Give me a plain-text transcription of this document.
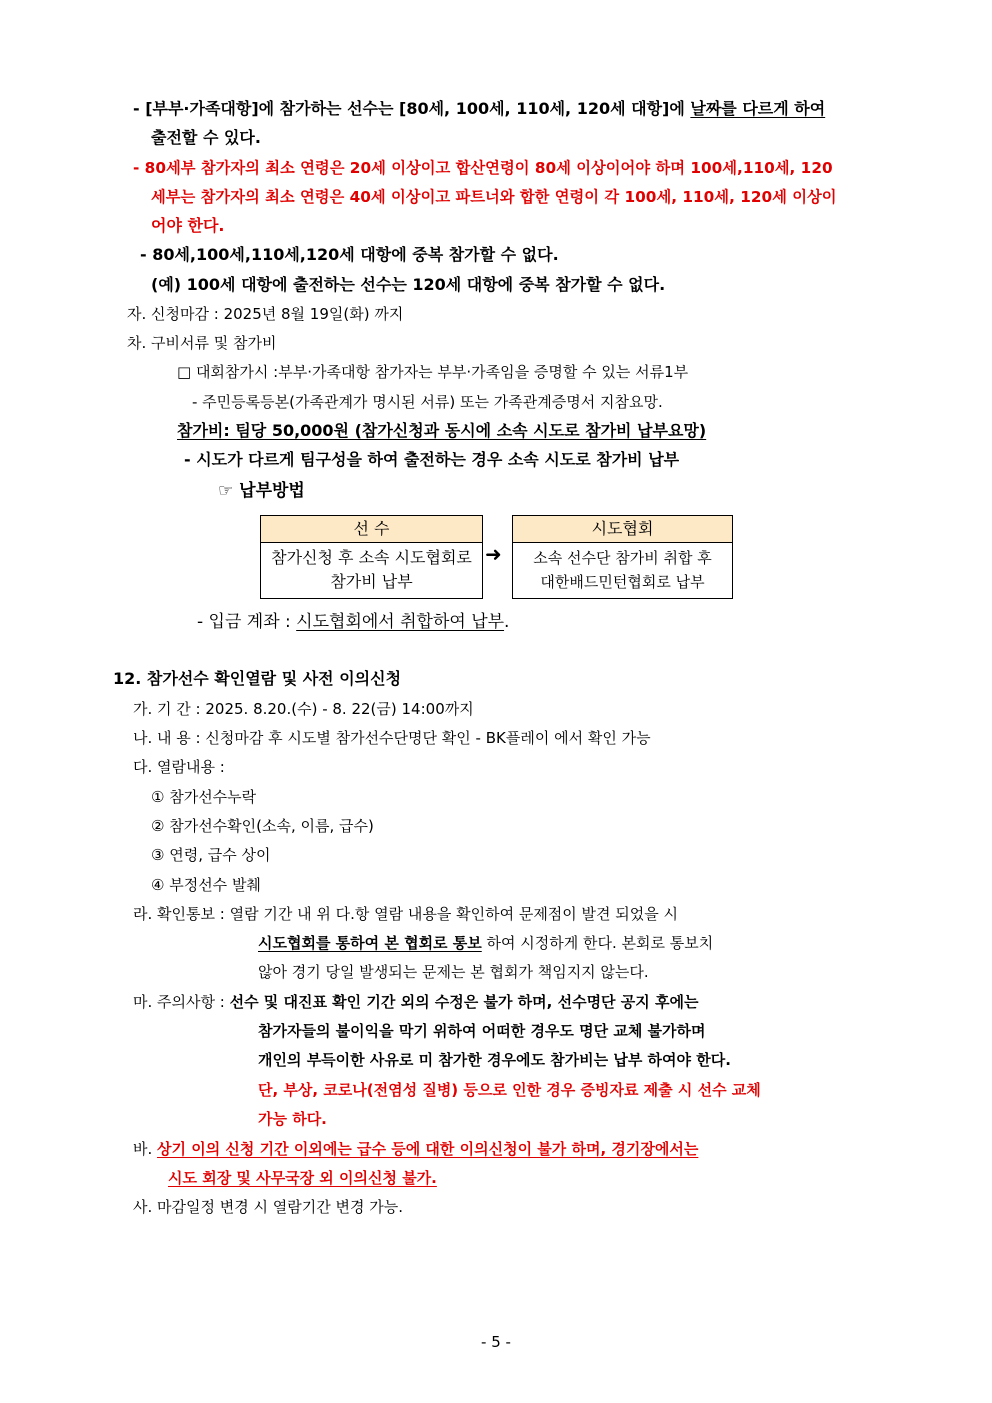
- [부부·가족대항]에 참가하는 선수는 [80세, 100세, 110세, 120세 대항]에 날짜를 다르게 하여
출전할 수 있다.
- 80세부 참가자의 최소 연령은 20세 이상이고 합산연령이 80세 이상이어야 하며 100세,110세, 120
세부는 참가자의 최소 연령은 40세 이상이고 파트너와 합한 연령이 각 100세, 110세, 120세 이상이
어야 한다.
- 80세,100세,110세,120세 대항에 중복 참가할 수 없다.
(예) 100세 대항에 출전하는 선수는 120세 대항에 중복 참가할 수 없다.
자. 신청마감 : 2025년 8월 19일(화) 까지
차. 구비서류 및 참가비
□ 대회참가시 :부부·가족대항 참가자는 부부·가족임을 증명할 수 있는 서류1부
- 주민등록등본(가족관계가 명시된 서류) 또는 가족관계증명서 지참요망.
참가비: 팀당 50,000원 (참가신청과 동시에 소속 시도로 참가비 납부요망)
- 시도가 다르게 팀구성을 하여 출전하는 경우 소속 시도로 참가비 납부
☞ 납부방법
선 수
참가신청 후 소속 시도협회로
참가비 납부
➜
시도협회
소속 선수단 참가비 취합 후
대한배드민턴협회로 납부
- 입금 계좌 : 시도협회에서 취합하여 납부.
12. 참가선수 확인열람 및 사전 이의신청
가. 기 간 : 2025. 8.20.(수) - 8. 22(금) 14:00까지
나. 내 용 : 신청마감 후 시도별 참가선수단명단 확인 - BK플레이 에서 확인 가능
다. 열람내용 :
① 참가선수누락
② 참가선수확인(소속, 이름, 급수)
③ 연령, 급수 상이
④ 부정선수 발췌
라. 확인통보 : 열람 기간 내 위 다.항 열람 내용을 확인하여 문제점이 발견 되었을 시
시도협회를 통하여 본 협회로 통보 하여 시정하게 한다. 본회로 통보치
않아 경기 당일 발생되는 문제는 본 협회가 책임지지 않는다.
마. 주의사항 : 선수 및 대진표 확인 기간 외의 수정은 불가 하며, 선수명단 공지 후에는
참가자들의 불이익을 막기 위하여 어떠한 경우도 명단 교체 불가하며
개인의 부득이한 사유로 미 참가한 경우에도 참가비는 납부 하여야 한다.
단, 부상, 코로나(전염성 질병) 등으로 인한 경우 증빙자료 제출 시 선수 교체
가능 하다.
바. 상기 이의 신청 기간 이외에는 급수 등에 대한 이의신청이 불가 하며, 경기장에서는
시도 회장 및 사무국장 외 이의신청 불가.
사. 마감일정 변경 시 열람기간 변경 가능.
- 5 -
